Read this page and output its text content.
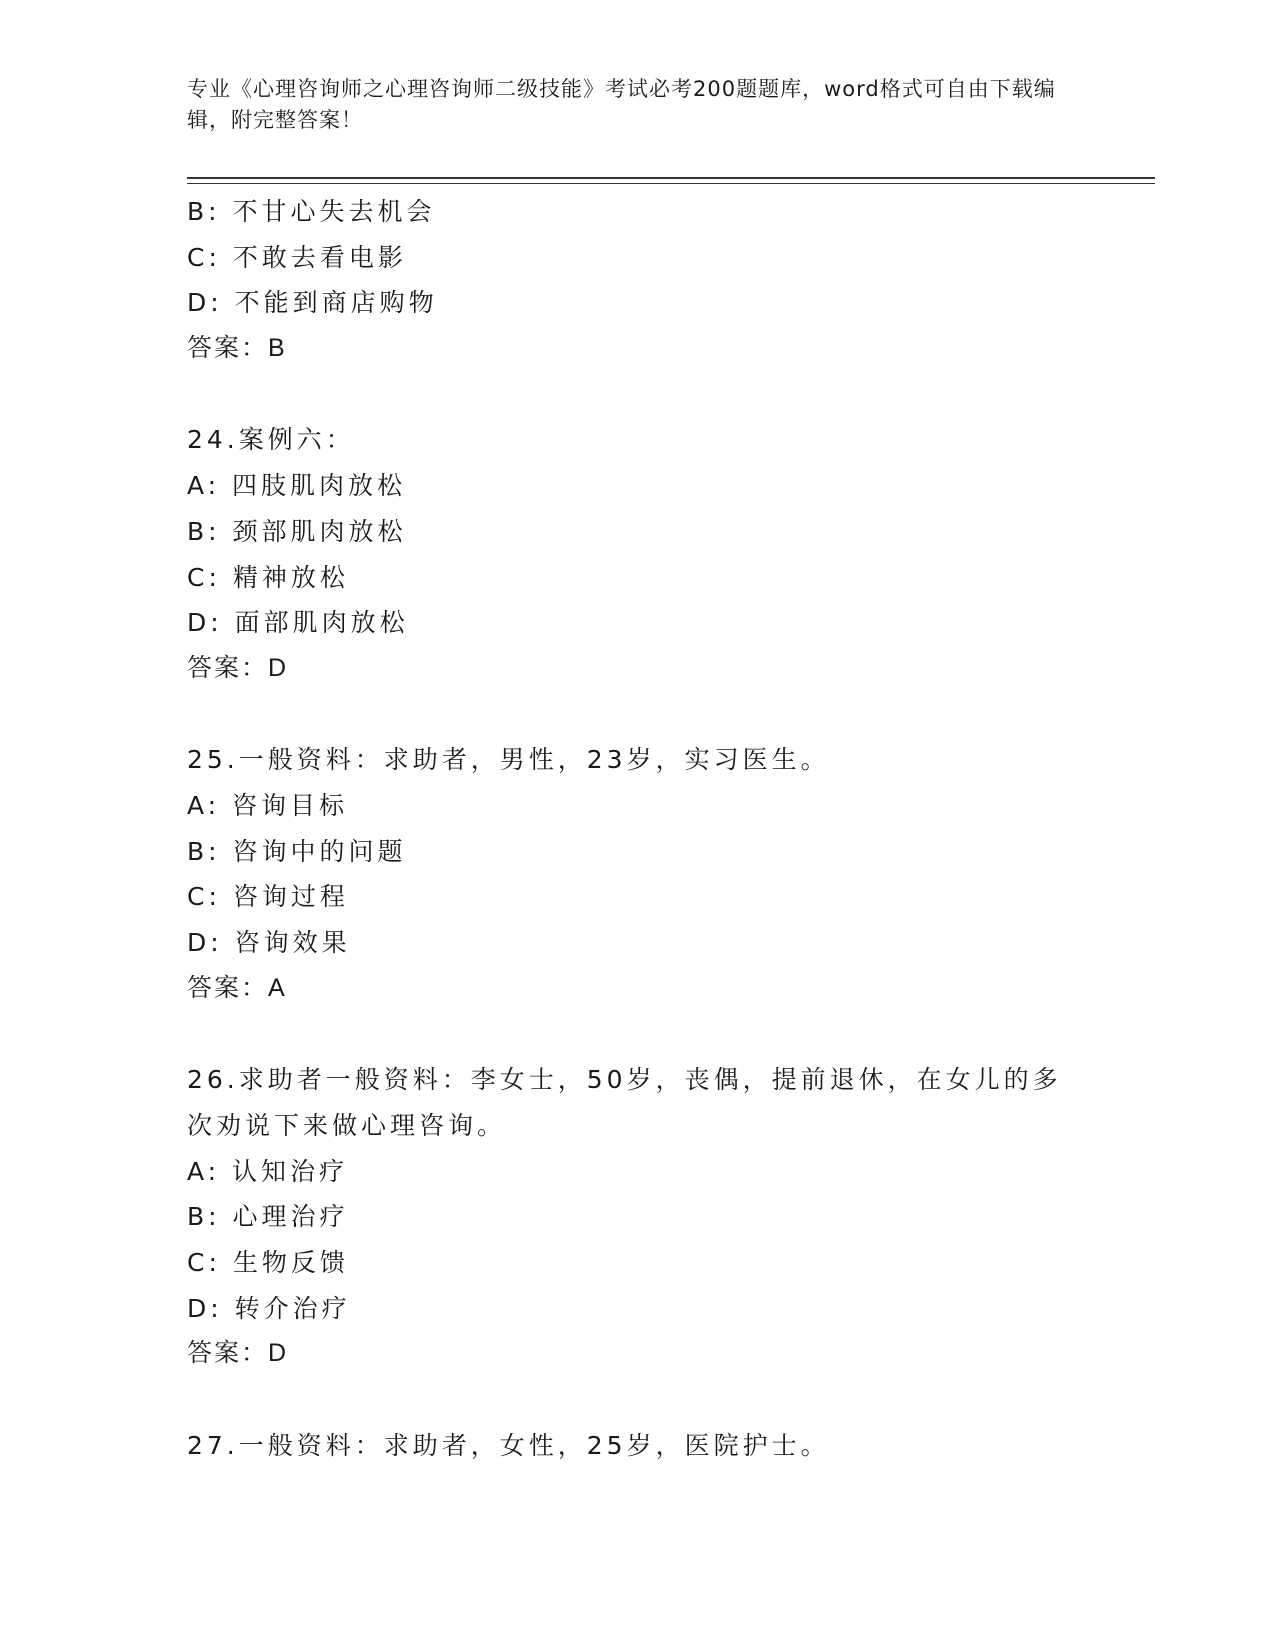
专业《心理咨询师之心理咨询师二级技能》考试必考200题题库，word格式可自由下载编辑，附完整答案！
B: 不甘心失去机会
C: 不敢去看电影
D: 不能到商店购物
答案：B
24.案例六：
A: 四肢肌肉放松
B: 颈部肌肉放松
C: 精神放松
D: 面部肌肉放松
答案：D
25.一般资料：求助者，男性，23岁，实习医生。
A: 咨询目标
B: 咨询中的问题
C: 咨询过程
D: 咨询效果
答案：A
26.求助者一般资料：李女士，50岁，丧偶，提前退休，在女儿的多次劝说下来做心理咨询。
A: 认知治疗
B: 心理治疗
C: 生物反馈
D: 转介治疗
答案：D
27.一般资料：求助者，女性，25岁，医院护士。
